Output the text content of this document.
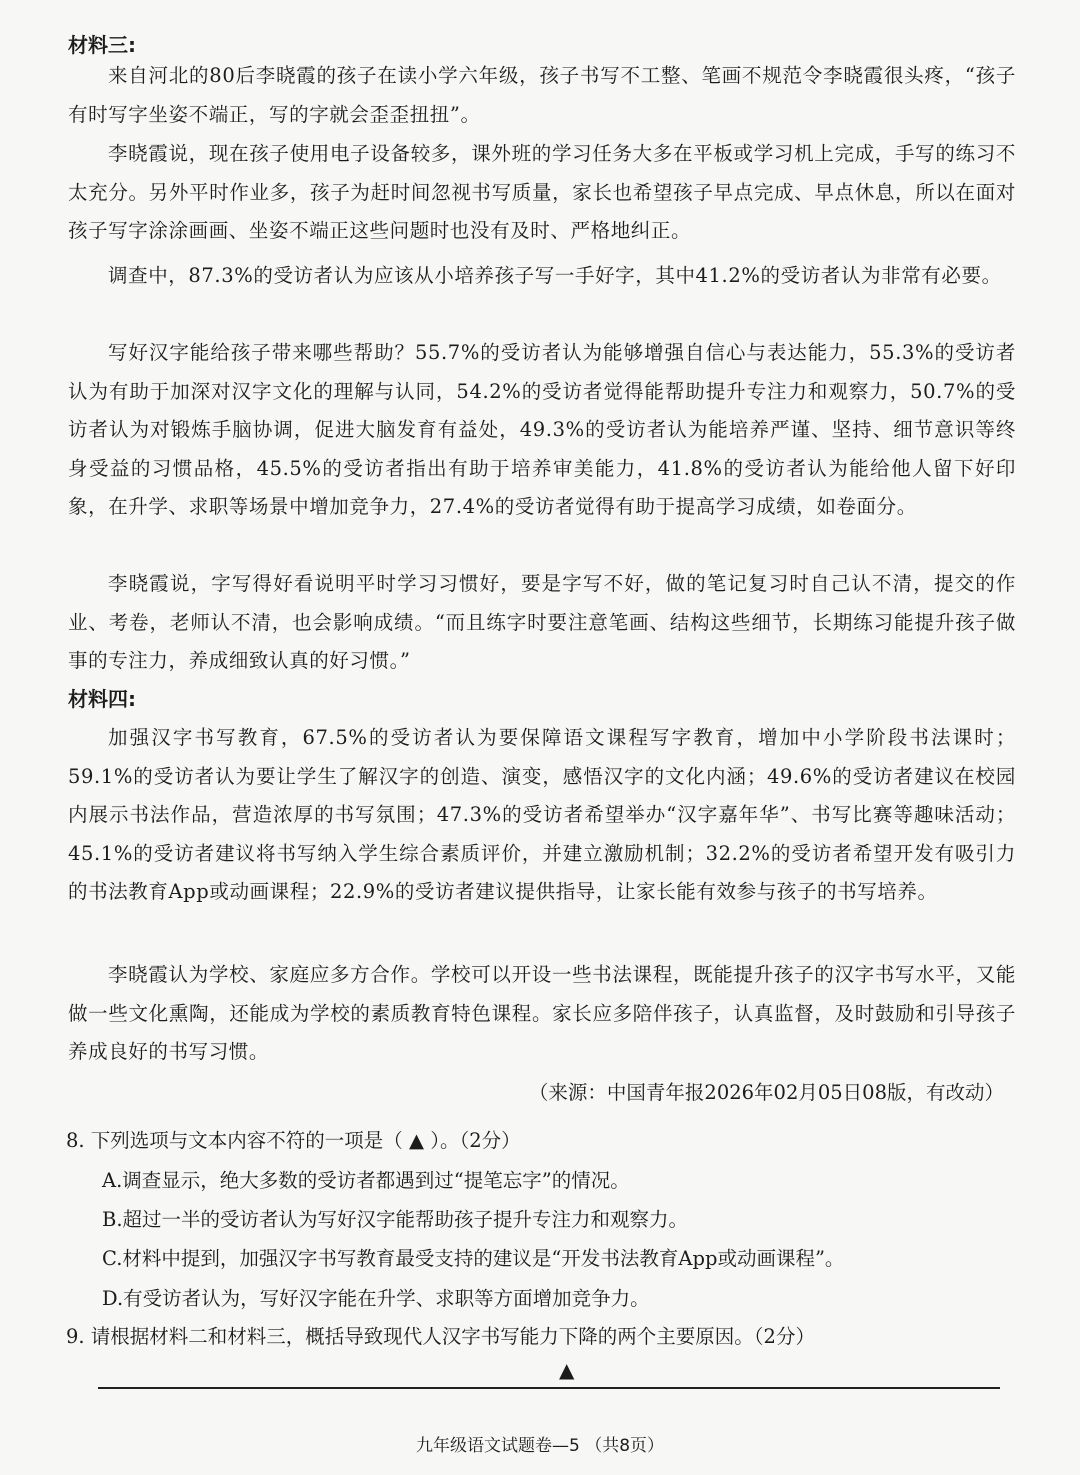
材料三:

来自河北的80后李晓霞的孩子在读小学六年级，孩子书写不工整、笔画不规范令李晓霞很头疼，“孩子有时写字坐姿不端正，写的字就会歪歪扭扭”。

李晓霞说，现在孩子使用电子设备较多，课外班的学习任务大多在平板或学习机上完成，手写的练习不太充分。另外平时作业多，孩子为赶时间忽视书写质量，家长也希望孩子早点完成、早点休息，所以在面对孩子写字涂涂画画、坐姿不端正这些问题时也没有及时、严格地纠正。

调查中，87.3%的受访者认为应该从小培养孩子写一手好字，其中41.2%的受访者认为非常有必要。

写好汉字能给孩子带来哪些帮助？55.7%的受访者认为能够增强自信心与表达能力，55.3%的受访者认为有助于加深对汉字文化的理解与认同，54.2%的受访者觉得能帮助提升专注力和观察力，50.7%的受访者认为对锻炼手脑协调，促进大脑发育有益处，49.3%的受访者认为能培养严谨、坚持、细节意识等终身受益的习惯品格，45.5%的受访者指出有助于培养审美能力，41.8%的受访者认为能给他人留下好印象，在升学、求职等场景中增加竞争力，27.4%的受访者觉得有助于提高学习成绩，如卷面分。

李晓霞说，字写得好看说明平时学习习惯好，要是字写不好，做的笔记复习时自己认不清，提交的作业、考卷，老师认不清，也会影响成绩。“而且练字时要注意笔画、结构这些细节，长期练习能提升孩子做事的专注力，养成细致认真的好习惯。”

材料四:

加强汉字书写教育，67.5%的受访者认为要保障语文课程写字教育，增加中小学阶段书法课时；59.1%的受访者认为要让学生了解汉字的创造、演变，感悟汉字的文化内涵；49.6%的受访者建议在校园内展示书法作品，营造浓厚的书写氛围；47.3%的受访者希望举办“汉字嘉年华”、书写比赛等趣味活动；45.1%的受访者建议将书写纳入学生综合素质评价，并建立激励机制；32.2%的受访者希望开发有吸引力的书法教育App或动画课程；22.9%的受访者建议提供指导，让家长能有效参与孩子的书写培养。

李晓霞认为学校、家庭应多方合作。学校可以开设一些书法课程，既能提升孩子的汉字书写水平，又能做一些文化熏陶，还能成为学校的素质教育特色课程。家长应多陪伴孩子，认真监督，及时鼓励和引导孩子养成良好的书写习惯。

（来源：中国青年报2026年02月05日08版，有改动）
8. 下列选项与文本内容不符的一项是（ ▲ ）。（2分）
A.调查显示，绝大多数的受访者都遇到过“提笔忘字”的情况。
B.超过一半的受访者认为写好汉字能帮助孩子提升专注力和观察力。
C.材料中提到，加强汉字书写教育最受支持的建议是“开发书法教育App或动画课程”。
D.有受访者认为，写好汉字能在升学、求职等方面增加竞争力。
9. 请根据材料二和材料三，概括导致现代人汉字书写能力下降的两个主要原因。（2分）
▲
九年级语文试题卷—5 （共8页）
